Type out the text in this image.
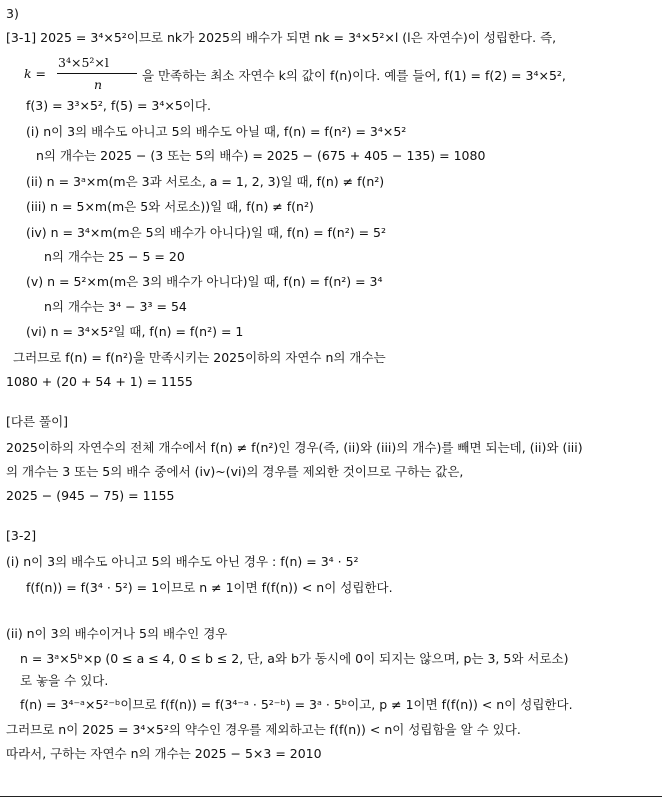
3)
[3-1] 2025 = 3⁴×5²이므로 nk가 2025의 배수가 되면 nk = 3⁴×5²×l (l은 자연수)이 성립한다. 즉,
k =
3⁴×5²×l
n
을 만족하는 최소 자연수 k의 값이 f(n)이다. 예를 들어, f(1) = f(2) = 3⁴×5²,
f(3) = 3³×5², f(5) = 3⁴×5이다.
(i) n이 3의 배수도 아니고 5의 배수도 아닐 때, f(n) = f(n²) = 3⁴×5²
n의 개수는 2025 − (3 또는 5의 배수) = 2025 − (675 + 405 − 135) = 1080
(ii) n = 3ᵃ×m(m은 3과 서로소, a = 1, 2, 3)일 때, f(n) ≠ f(n²)
(iii) n = 5×m(m은 5와 서로소))일 때, f(n) ≠ f(n²)
(iv) n = 3⁴×m(m은 5의 배수가 아니다)일 때, f(n) = f(n²) = 5²
n의 개수는 25 − 5 = 20
(v) n = 5²×m(m은 3의 배수가 아니다)일 때, f(n) = f(n²) = 3⁴
n의 개수는 3⁴ − 3³ = 54
(vi) n = 3⁴×5²일 때, f(n) = f(n²) = 1
그러므로 f(n) = f(n²)을 만족시키는 2025이하의 자연수 n의 개수는
1080 + (20 + 54 + 1) = 1155
[다른 풀이]
2025이하의 자연수의 전체 개수에서 f(n) ≠ f(n²)인 경우(즉, (ii)와 (iii)의 개수)를 빼면 되는데, (ii)와 (iii)
의 개수는 3 또는 5의 배수 중에서 (iv)~(vi)의 경우를 제외한 것이므로 구하는 값은,
2025 − (945 − 75) = 1155
[3-2]
(i) n이 3의 배수도 아니고 5의 배수도 아닌 경우 : f(n) = 3⁴ · 5²
f(f(n)) = f(3⁴ · 5²) = 1이므로 n ≠ 1이면 f(f(n)) < n이 성립한다.
(ii) n이 3의 배수이거나 5의 배수인 경우
n = 3ᵃ×5ᵇ×p (0 ≤ a ≤ 4, 0 ≤ b ≤ 2, 단, a와 b가 동시에 0이 되지는 않으며, p는 3, 5와 서로소)
로 놓을 수 있다.
f(n) = 3⁴⁻ᵃ×5²⁻ᵇ이므로 f(f(n)) = f(3⁴⁻ᵃ · 5²⁻ᵇ) = 3ᵃ · 5ᵇ이고, p ≠ 1이면 f(f(n)) < n이 성립한다.
그러므로 n이 2025 = 3⁴×5²의 약수인 경우를 제외하고는 f(f(n)) < n이 성립함을 알 수 있다.
따라서, 구하는 자연수 n의 개수는 2025 − 5×3 = 2010
